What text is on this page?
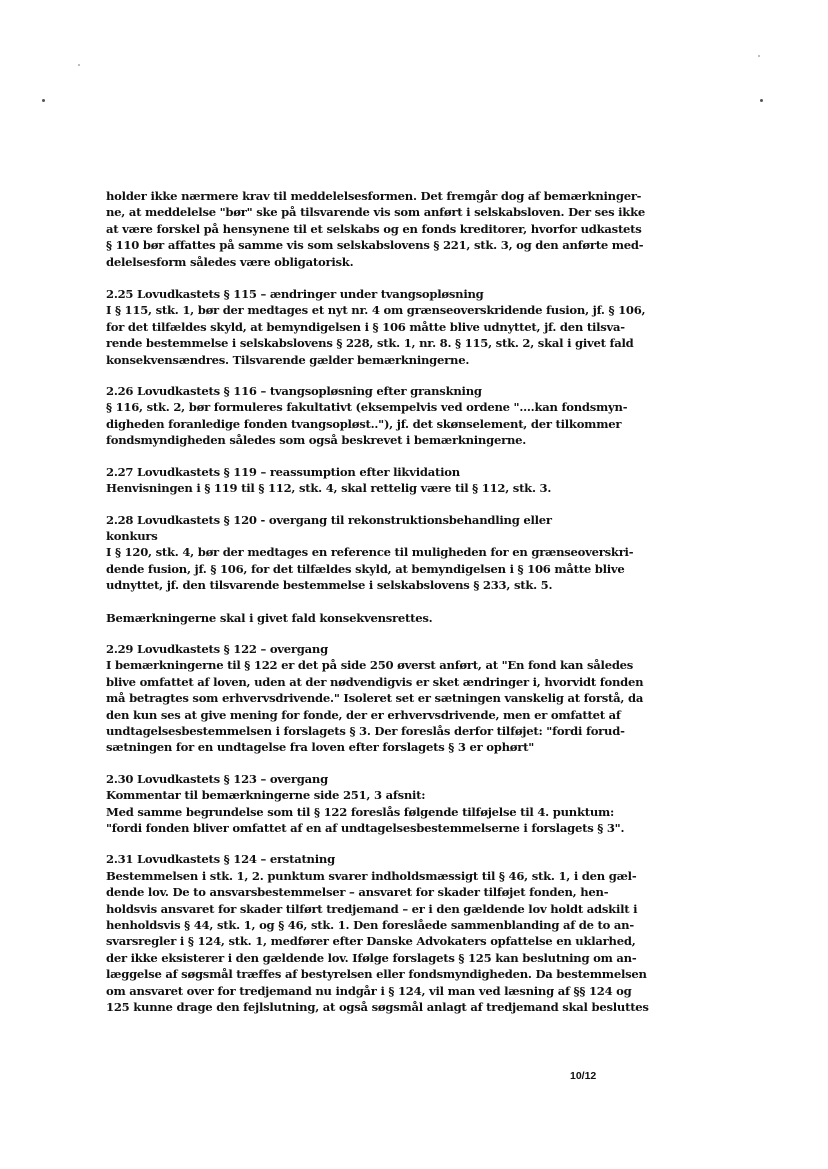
holder ikke nærmere krav til meddelelsesformen. Det fremgår dog af bemærkninger-
ne, at meddelelse "bør" ske på tilsvarende vis som anført i selskabsloven. Der ses ikke
at være forskel på hensynene til et selskabs og en fonds kreditorer, hvorfor udkastets
§ 110 bør affattes på samme vis som selskabslovens § 221, stk. 3, og den anførte med-
delelsesform således være obligatorisk.
2.25 Lovudkastets § 115 – ændringer under tvangsopløsning
I § 115, stk. 1, bør der medtages et nyt nr. 4 om grænseoverskridende fusion, jf. § 106,
for det tilfældes skyld, at bemyndigelsen i § 106 måtte blive udnyttet, jf. den tilsva-
rende bestemmelse i selskabslovens § 228, stk. 1, nr. 8. § 115, stk. 2, skal i givet fald
konsekvensændres. Tilsvarende gælder bemærkningerne.
2.26 Lovudkastets § 116 – tvangsopløsning efter granskning
§ 116, stk. 2, bør formuleres fakultativt (eksempelvis ved ordene "....kan fondsmyn-
digheden foranledige fonden tvangsopløst.."), jf. det skønselement, der tilkommer
fondsmyndigheden således som også beskrevet i bemærkningerne.
2.27 Lovudkastets § 119 – reassumption efter likvidation
Henvisningen i § 119 til § 112, stk. 4, skal rettelig være til § 112, stk. 3.
2.28 Lovudkastets § 120 - overgang til rekonstruktionsbehandling eller
konkurs
I § 120, stk. 4, bør der medtages en reference til muligheden for en grænseoverskri-
dende fusion, jf. § 106, for det tilfældes skyld, at bemyndigelsen i § 106 måtte blive
udnyttet, jf. den tilsvarende bestemmelse i selskabslovens § 233, stk. 5.
Bemærkningerne skal i givet fald konsekvensrettes.
2.29 Lovudkastets § 122 – overgang
I bemærkningerne til § 122 er det på side 250 øverst anført, at "En fond kan således
blive omfattet af loven, uden at der nødvendigvis er sket ændringer i, hvorvidt fonden
må betragtes som erhvervsdrivende." Isoleret set er sætningen vanskelig at forstå, da
den kun ses at give mening for fonde, der er erhvervsdrivende, men er omfattet af
undtagelsesbestemmelsen i forslagets § 3. Der foreslås derfor tilføjet: "fordi forud-
sætningen for en undtagelse fra loven efter forslagets § 3 er ophørt"
2.30 Lovudkastets § 123 – overgang
Kommentar til bemærkningerne side 251, 3 afsnit:
Med samme begrundelse som til § 122 foreslås følgende tilføjelse til 4. punktum:
"fordi fonden bliver omfattet af en af undtagelsesbestemmelserne i forslagets § 3".
2.31 Lovudkastets § 124 – erstatning
Bestemmelsen i stk. 1, 2. punktum svarer indholdsmæssigt til § 46, stk. 1, i den gæl-
dende lov. De to ansvarsbestemmelser – ansvaret for skader tilføjet fonden, hen-
holdsvis ansvaret for skader tilført tredjemand – er i den gældende lov holdt adskilt i
henholdsvis § 44, stk. 1, og § 46, stk. 1. Den foreslåede sammenblanding af de to an-
svarsregler i § 124, stk. 1, medfører efter Danske Advokaters opfattelse en uklarhed,
der ikke eksisterer i den gældende lov. Ifølge forslagets § 125 kan beslutning om an-
læggelse af søgsmål træffes af bestyrelsen eller fondsmyndigheden. Da bestemmelsen
om ansvaret over for tredjemand nu indgår i § 124, vil man ved læsning af §§ 124 og
125 kunne drage den fejlslutning, at også søgsmål anlagt af tredjemand skal besluttes
10/12
